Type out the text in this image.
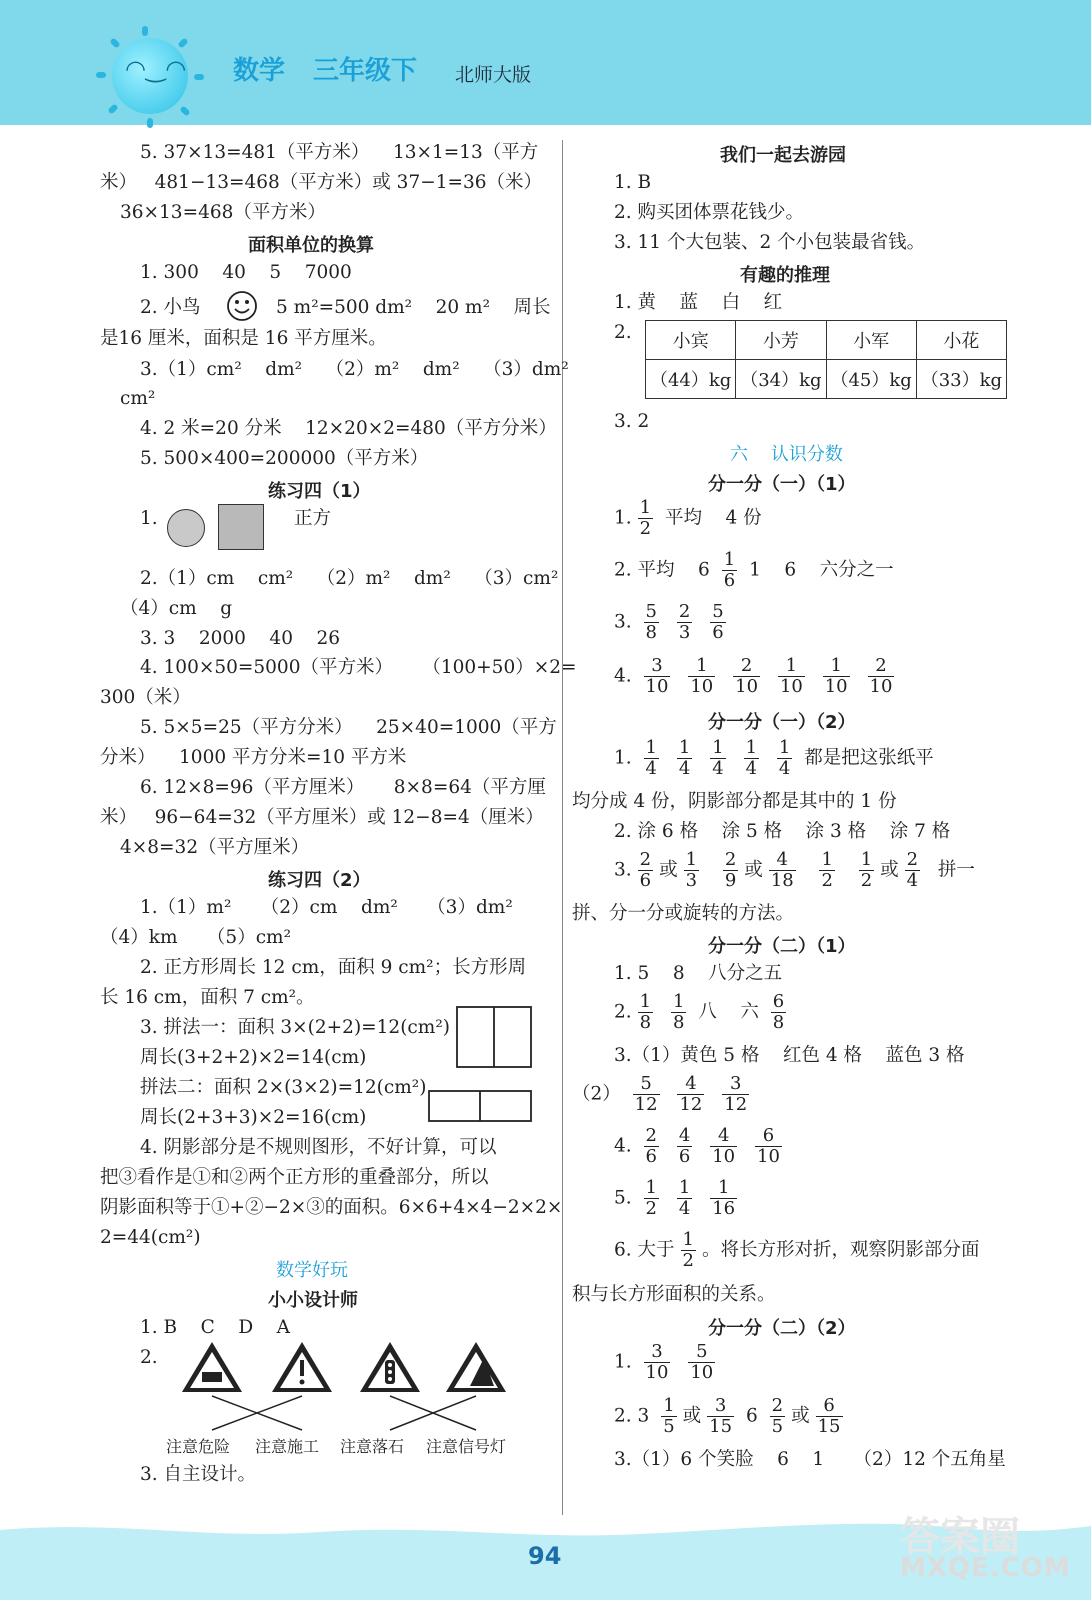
◠‿◠ 数学 三年级下 北师大版
5. 37×13=481（平方米）    13×1=13（平方
米）   481−13=468（平方米）或 37−1=36（米）
36×13=468（平方米）
面积单位的换算
1. 300    40    5    7000
2. 小鸟	5 m²=500 dm²    20 m²    周长
是16 厘米，面积是 16 平方厘米。
3.（1）cm²    dm²    （2）m²    dm²    （3）dm²
cm²
4. 2 米=20 分米    12×20×2=480（平方分米）
5. 500×400=200000（平方米）
练习四（1）
1.	正方
2.（1）cm    cm²    （2）m²    dm²    （3）cm²
（4）cm    g
3. 3    2000    40    26
4. 100×50=5000（平方米）     （100+50）×2=
300（米）
5. 5×5=25（平方分米）    25×40=1000（平方
分米）    1000 平方分米=10 平方米
6. 12×8=96（平方厘米）     8×8=64（平方厘
米）   96−64=32（平方厘米）或 12−8=4（厘米）
4×8=32（平方厘米）
练习四（2）
1.（1）m²     （2）cm    dm²     （3）dm²
（4）km     （5）cm²
2. 正方形周长 12 cm，面积 9 cm²；长方形周
长 16 cm，面积 7 cm²。
3. 拼法一：面积 3×(2+2)=12(cm²)
周长(3+2+2)×2=14(cm)
拼法二：面积 2×(3×2)=12(cm²)
周长(2+3+3)×2=16(cm)
4. 阴影部分是不规则图形，不好计算，可以
把③看作是①和②两个正方形的重叠部分，所以
阴影面积等于①+②−2×③的面积。6×6+4×4−2×2×
2=44(cm²)
数学好玩
小小设计师
1. B    C    D    A
2.
注意危险 注意施工 注意落石 注意信号灯
3. 自主设计。
我们一起去游园
1. B
2. 购买团体票花钱少。
3. 11 个大包装、2 个小包装最省钱。
有趣的推理
1. 黄    蓝    白    红
2. 小宾	小芳	小军	小花
（44）kg	（34）kg	（45）kg	（33）kg
3. 2
六    认识分数
分一分（一）（1）
1. $\frac{1}{2}$ 平均    4 份
2. 平均    $6 \frac{1}{6} 1$    6    六分之一
3. $\frac{5}{8}$
$\frac{2}{3}$
$\frac{5}{6}$
4. $\frac{3}{10}$
$\frac{1}{10}$
$\frac{2}{10}$
$\frac{1}{10}$
$\frac{1}{10}$
$\frac{2}{10}$
分一分（一）（2）
1. $\frac{1}{4}$
$\frac{1}{4}$
$\frac{1}{4}$
$\frac{1}{4}$
$\frac{1}{4}$ 都是把这张纸平
均分成 4 份，阴影部分都是其中的 1 份
2. 涂 6 格    涂 5 格    涂 3 格    涂 7 格
3. $\frac{2}{6}$ 或 $\frac{1}{3}$
$\frac{2}{9}$ 或 $\frac{4}{18}$
$\frac{1}{2}$
$\frac{1}{2}$ 或 $\frac{2}{4}$ 拼一
拼、分一分或旋转的方法。
分一分（二）（1）
1. 5    8    八分之五
2. $\frac{1}{8}$
$\frac{1}{8}$ 八    六 $\frac{6}{8}$
3.（1）黄色 5 格    红色 4 格    蓝色 3 格
$(2) \frac{5}{12}$
$\frac{4}{12}$
$\frac{3}{12}$
4. $\frac{2}{6}$
$\frac{4}{6}$
$\frac{4}{10}$
$\frac{6}{10}$
5. $\frac{1}{2}$
$\frac{1}{4}$
$\frac{1}{16}$
6. 大于 $\frac{1}{2}$ 。将长方形对折，观察阴影部分面
积与长方形面积的关系。
分一分（二）（2）
1. $\frac{3}{10}$
$\frac{5}{10}$
2. $3 \frac{1}{5}$ 或 $\frac{3}{15} 6 \frac{2}{5}$ 或 $\frac{6}{15}$
3.（1）6 个笑脸    6    1     （2）12 个五角星
94	答案圈
MXQE.COM
